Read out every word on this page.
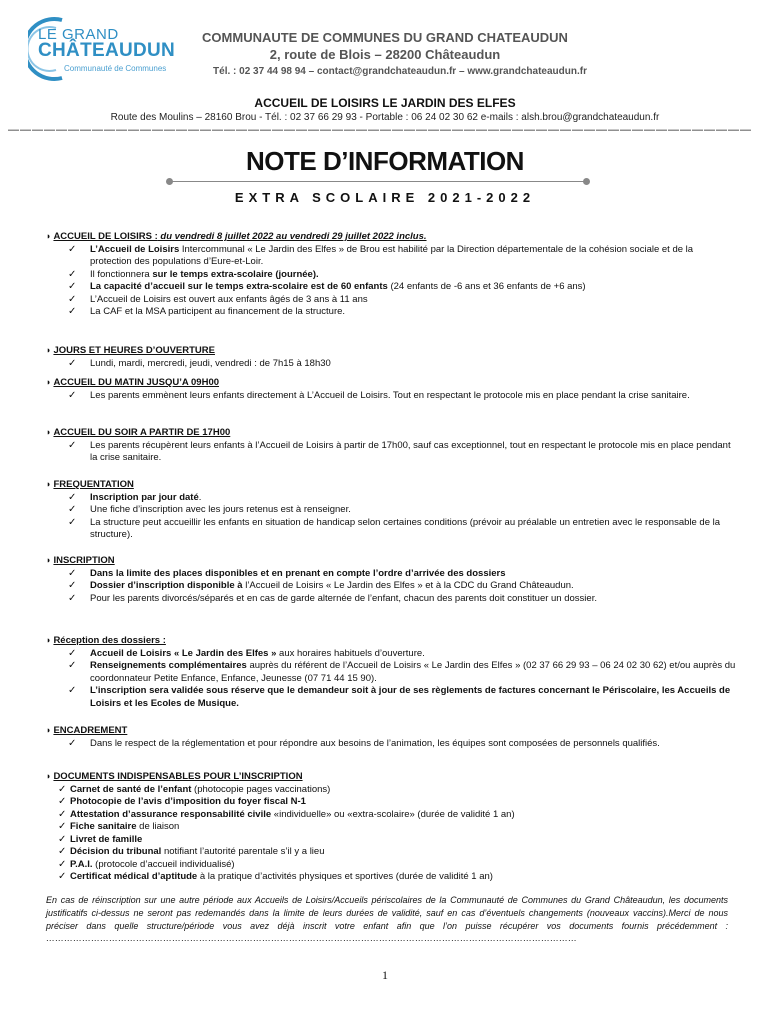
LE GRAND
CHÂTEAUDUN
Communauté de Communes
COMMUNAUTE DE COMMUNES DU GRAND CHATEAUDUN
2, route de Blois – 28200 Châteaudun
Tél. : 02 37 44 98 94 – contact@grandchateaudun.fr – www.grandchateaudun.fr
ACCUEIL DE LOISIRS LE JARDIN DES ELFES
Route des Moulins – 28160 Brou - Tél. : 02 37 66 29 93 - Portable : 06 24 02 30 62 e-mails : alsh.brou@grandchateaudun.fr
——————————————————————————————————————————————————————————————
NOTE D’INFORMATION
EXTRA SCOLAIRE 2021-2022
◗ ACCUEIL DE LOISIRS : du vendredi 8 juillet 2022 au vendredi 29 juillet 2022 inclus.
✓ L’Accueil de Loisirs Intercommunal « Le Jardin des Elfes » de Brou est habilité par la Direction départementale de la cohésion sociale et de la protection des populations d’Eure-et-Loir.
✓ Il fonctionnera sur le temps extra-scolaire (journée).
✓ La capacité d’accueil sur le temps extra-scolaire est de 60 enfants (24 enfants de -6 ans et 36 enfants de +6 ans)
✓ L’Accueil de Loisirs est ouvert aux enfants âgés de 3 ans à 11 ans
✓ La CAF et la MSA participent au financement de la structure.
◗ JOURS ET HEURES D’OUVERTURE
✓ Lundi, mardi, mercredi, jeudi, vendredi : de 7h15 à 18h30
◗ ACCUEIL DU MATIN JUSQU’A 09H00
✓ Les parents emmènent leurs enfants directement à L’Accueil de Loisirs. Tout en respectant le protocole mis en place pendant la crise sanitaire.
◗ ACCUEIL DU SOIR A PARTIR DE 17H00
✓ Les parents récupèrent leurs enfants à l’Accueil de Loisirs à partir de 17h00, sauf cas exceptionnel, tout en respectant le protocole mis en place pendant la crise sanitaire.
◗ FREQUENTATION
✓ Inscription par jour daté.
✓ Une fiche d’inscription avec les jours retenus est à renseigner.
✓ La structure peut accueillir les enfants en situation de handicap selon certaines conditions (prévoir au préalable un entretien avec le responsable de la structure).
◗ INSCRIPTION
✓ Dans la limite des places disponibles et en prenant en compte l’ordre d’arrivée des dossiers
✓ Dossier d’inscription disponible à l’Accueil de Loisirs « Le Jardin des Elfes » et à la CDC du Grand Châteaudun.
✓ Pour les parents divorcés/séparés et en cas de garde alternée de l’enfant, chacun des parents doit constituer un dossier.
◗ Réception des dossiers :
✓ Accueil de Loisirs « Le Jardin des Elfes » aux horaires habituels d’ouverture.
✓ Renseignements complémentaires auprès du référent de l’Accueil de Loisirs « Le Jardin des Elfes » (02 37 66 29 93 – 06 24 02 30 62) et/ou auprès du coordonnateur Petite Enfance, Enfance, Jeunesse (07 71 44 15 90).
✓ L’inscription sera validée sous réserve que le demandeur soit à jour de ses règlements de factures concernant le Périscolaire, les Accueils de Loisirs et les Ecoles de Musique.
◗ ENCADREMENT
✓ Dans le respect de la réglementation et pour répondre aux besoins de l’animation, les équipes sont composées de personnels qualifiés.
◗ DOCUMENTS INDISPENSABLES POUR L’INSCRIPTION
✓ Carnet de santé de l’enfant (photocopie pages vaccinations)
✓ Photocopie de l’avis d’imposition du foyer fiscal N-1
✓ Attestation d’assurance responsabilité civile «individuelle» ou «extra-scolaire» (durée de validité 1 an)
✓ Fiche sanitaire de liaison
✓ Livret de famille
✓ Décision du tribunal notifiant l’autorité parentale s’il y a lieu
✓ P.A.I. (protocole d’accueil individualisé)
✓ Certificat médical d’aptitude à la pratique d’activités physiques et sportives (durée de validité 1 an)
En cas de réinscription sur une autre période aux Accueils de Loisirs/Accueils périscolaires de la Communauté de Communes du Grand Châteaudun, les documents justificatifs ci-dessus ne seront pas redemandés dans la limite de leurs durées de validité, sauf en cas d’éventuels changements (nouveaux vaccins).Merci de nous préciser dans quelle structure/période vous avez déjà inscrit votre enfant afin que l’on puisse récupérer vos documents fournis précédemment : ……………………………………………………………………………………………………………………………………………………………
1
